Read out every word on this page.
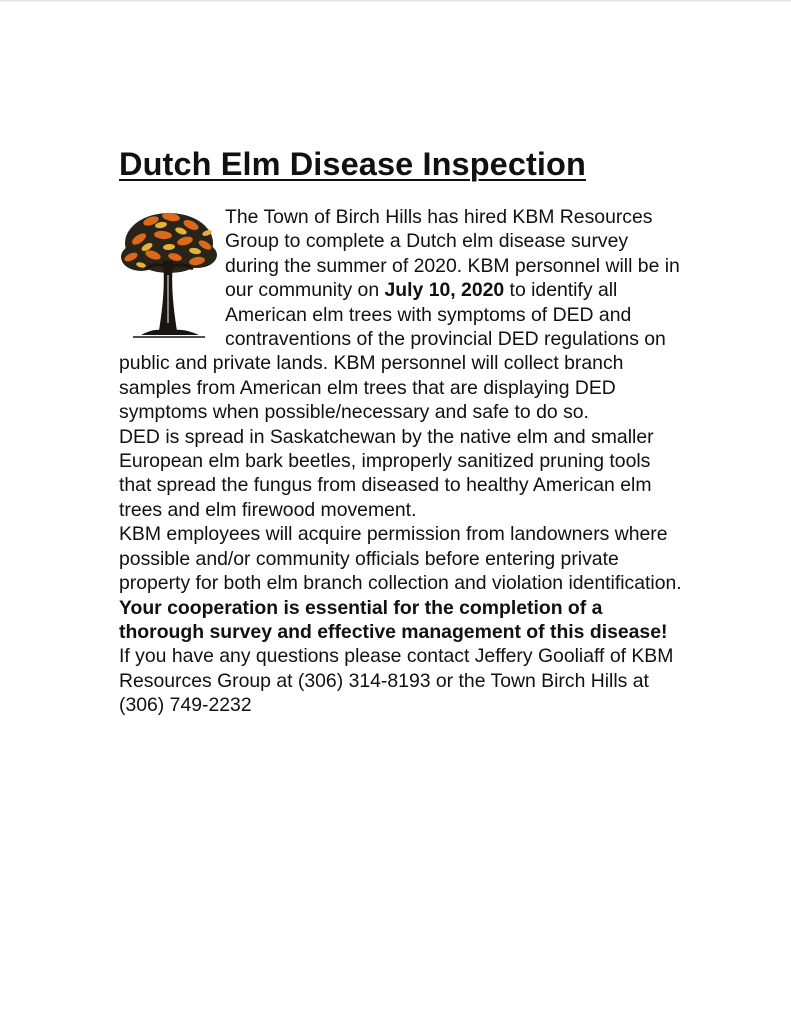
Dutch Elm Disease Inspection

The Town of Birch Hills has hired KBM Resources Group to complete a Dutch elm disease survey during the summer of 2020. KBM personnel will be in our community on July 10, 2020 to identify all American elm trees with symptoms of DED and contraventions of the provincial DED regulations on public and private lands. KBM personnel will collect branch samples from American elm trees that are displaying DED symptoms when possible/necessary and safe to do so.

DED is spread in Saskatchewan by the native elm and smaller European elm bark beetles, improperly sanitized pruning tools that spread the fungus from diseased to healthy American elm trees and elm firewood movement.

KBM employees will acquire permission from landowners where possible and/or community officials before entering private property for both elm branch collection and violation identification. Your cooperation is essential for the completion of a thorough survey and effective management of this disease!

If you have any questions please contact Jeffery Gooliaff of KBM Resources Group at (306) 314-8193 or the Town Birch Hills at (306) 749-2232
